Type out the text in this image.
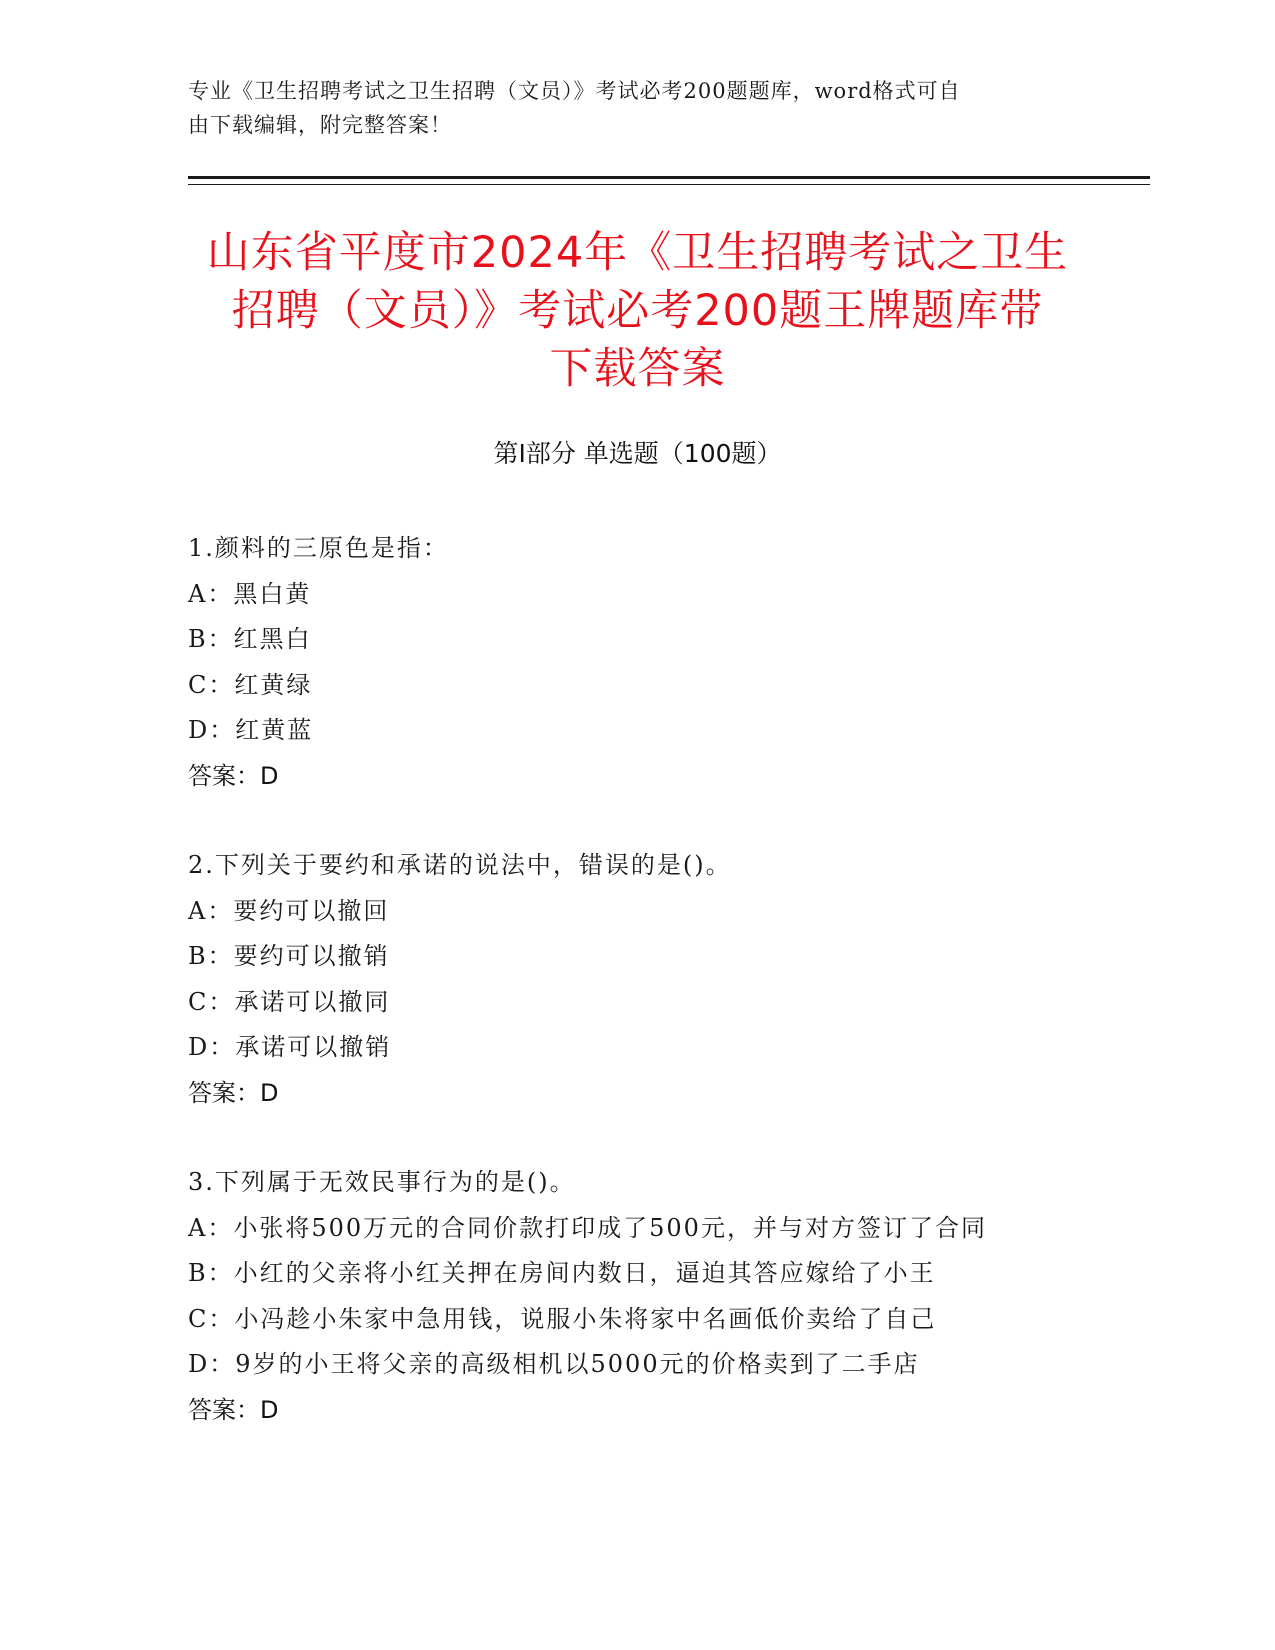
专业《卫生招聘考试之卫生招聘（文员）》考试必考200题题库，word格式可自
由下载编辑，附完整答案！
山东省平度市2024年《卫生招聘考试之卫生
招聘（文员）》考试必考200题王牌题库带
下载答案
第I部分 单选题（100题）
1.颜料的三原色是指：
A：黑白黄
B：红黑白
C：红黄绿
D：红黄蓝
答案：D
2.下列关于要约和承诺的说法中，错误的是()。
A：要约可以撤回
B：要约可以撤销
C：承诺可以撤同
D：承诺可以撤销
答案：D
3.下列属于无效民事行为的是()。
A：小张将500万元的合同价款打印成了500元，并与对方签订了合同
B：小红的父亲将小红关押在房间内数日，逼迫其答应嫁给了小王
C：小冯趁小朱家中急用钱，说服小朱将家中名画低价卖给了自己
D：9岁的小王将父亲的高级相机以5000元的价格卖到了二手店
答案：D
